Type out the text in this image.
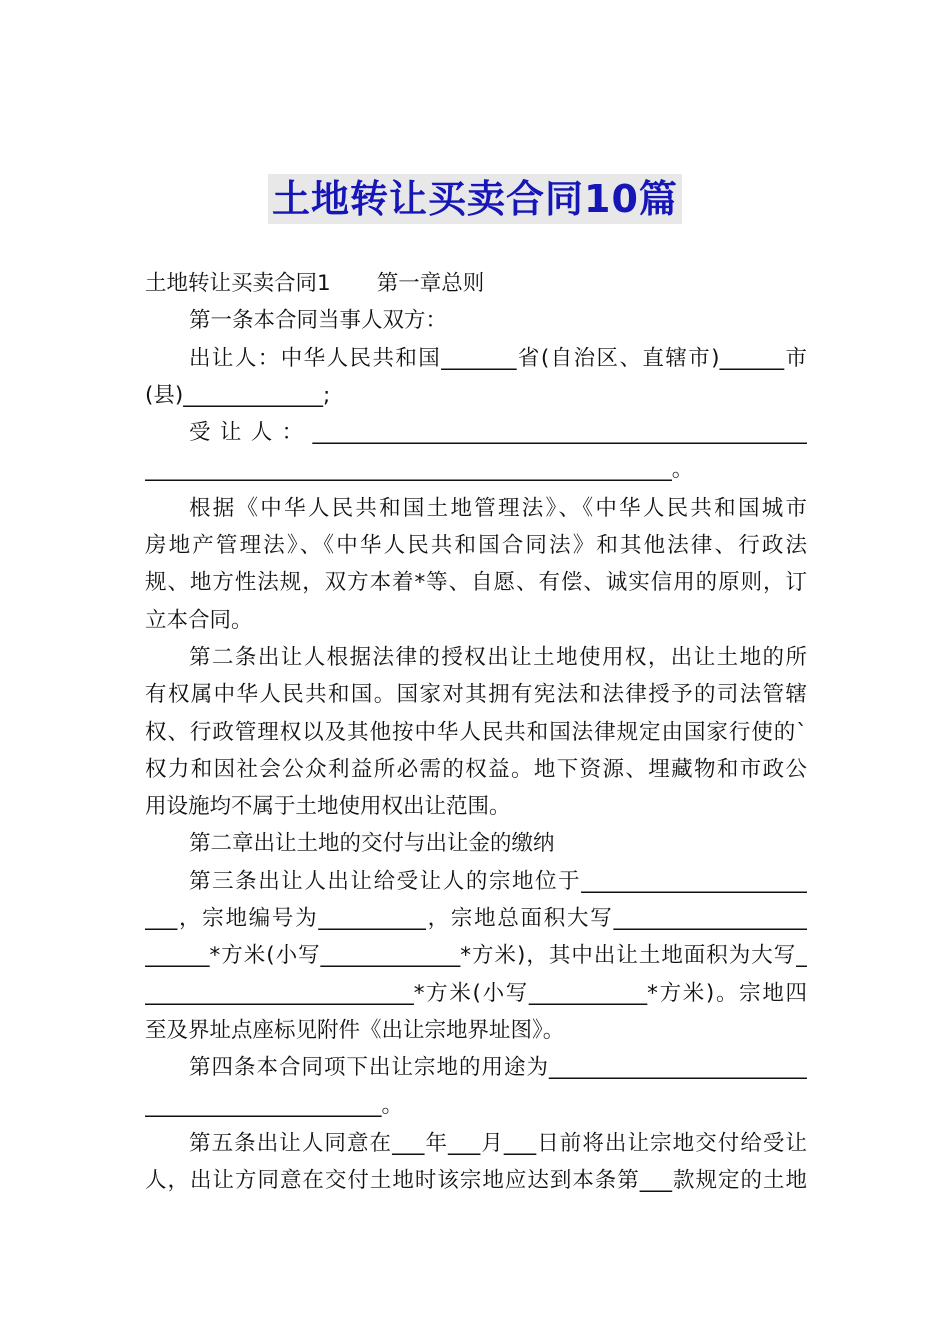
土地转让买卖合同10篇
土地转让买卖合同1 第一章总则
第一条本合同当事人双方：
出让人：中华人民共和国_______省(自治区、直辖市)______市
(县)_____________;
受让人：______________________________________________
_________________________________________________。
根据《中华人民共和国土地管理法》、《中华人民共和国城市
房地产管理法》、《中华人民共和国合同法》和其他法律、行政法
规、地方性法规，双方本着*等、自愿、有偿、诚实信用的原则，订
立本合同。
第二条出让人根据法律的授权出让土地使用权，出让土地的所
有权属中华人民共和国。国家对其拥有宪法和法律授予的司法管辖
权、行政管理权以及其他按中华人民共和国法律规定由国家行使的`
权力和因社会公众利益所必需的权益。地下资源、埋藏物和市政公
用设施均不属于土地使用权出让范围。
第二章出让土地的交付与出让金的缴纳
第三条出让人出让给受让人的宗地位于_____________________
___，宗地编号为__________，宗地总面积大写__________________
______*方米(小写_____________*方米)，其中出让土地面积为大写_
_________________________*方米(小写___________*方米)。宗地四
至及界址点座标见附件《出让宗地界址图》。
第四条本合同项下出让宗地的用途为________________________
______________________。
第五条出让人同意在___年___月___日前将出让宗地交付给受让
人，出让方同意在交付土地时该宗地应达到本条第___款规定的土地
